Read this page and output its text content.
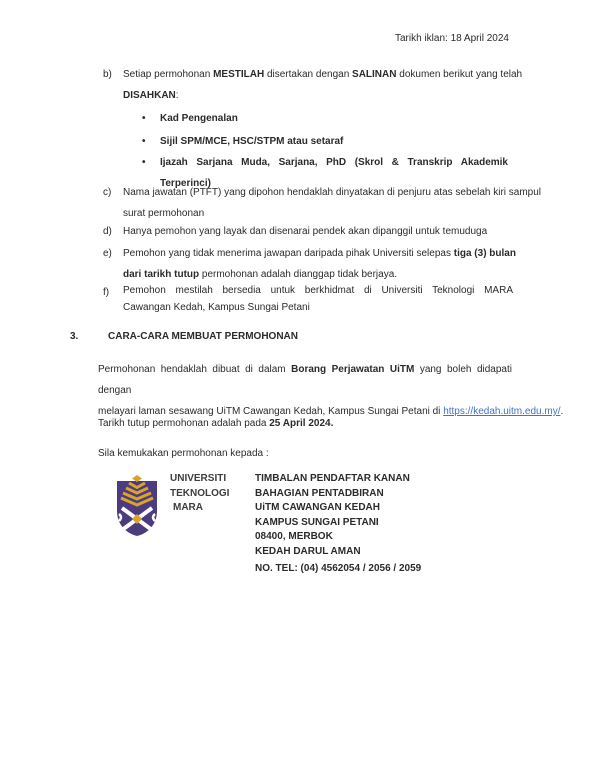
Tarikh iklan: 18 April 2024
b)	Setiap permohonan MESTILAH disertakan dengan SALINAN dokumen berikut yang telah
DISAHKAN:
•	Kad Pengenalan
•	Sijil SPM/MCE, HSC/STPM atau setaraf
•	Ijazah Sarjana Muda, Sarjana, PhD (Skrol & Transkrip Akademik
Terperinci)
c)	Nama jawatan (PTFT) yang dipohon hendaklah dinyatakan di penjuru atas sebelah kiri sampul
surat permohonan
d)	Hanya pemohon yang layak dan disenarai pendek akan dipanggil untuk temuduga
e)	Pemohon yang tidak menerima jawapan daripada pihak Universiti selepas tiga (3) bulan
dari tarikh tutup permohonan adalah dianggap tidak berjaya.
f)	Pemohon mestilah bersedia untuk berkhidmat di Universiti Teknologi MARA
Cawangan Kedah, Kampus Sungai Petani
3.	CARA-CARA MEMBUAT PERMOHONAN
Permohonan hendaklah dibuat di dalam Borang Perjawatan UiTM yang boleh didapati dengan
melayari laman sesawang UiTM Cawangan Kedah, Kampus Sungai Petani di https://kedah.uitm.edu.my/.
Tarikh tutup permohonan adalah pada 25 April 2024.
Sila kemukakan permohonan kepada :
UNIVERSITI
TEKNOLOGI
MARA
TIMBALAN PENDAFTAR KANAN
BAHAGIAN PENTADBIRAN
UiTM CAWANGAN KEDAH
KAMPUS SUNGAI PETANI
08400, MERBOK
KEDAH DARUL AMAN
NO. TEL: (04) 4562054 / 2056 / 2059
